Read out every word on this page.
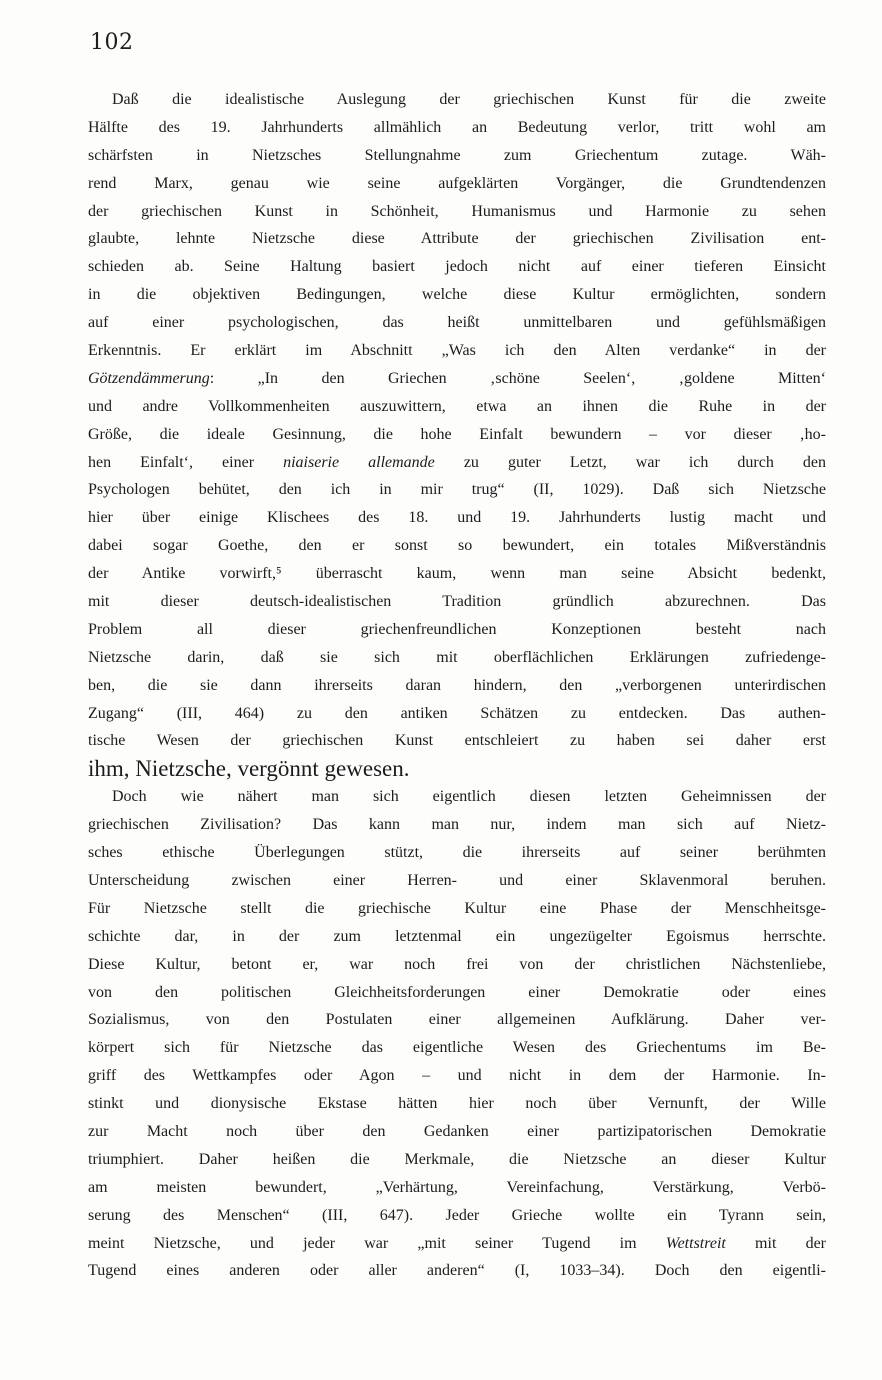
102
Daß die idealistische Auslegung der griechischen Kunst für die zweite
Hälfte des 19. Jahrhunderts allmählich an Bedeutung verlor, tritt wohl am
schärfsten in Nietzsches Stellungnahme zum Griechentum zutage. Wäh-
rend Marx, genau wie seine aufgeklärten Vorgänger, die Grundtendenzen
der griechischen Kunst in Schönheit, Humanismus und Harmonie zu sehen
glaubte, lehnte Nietzsche diese Attribute der griechischen Zivilisation ent-
schieden ab. Seine Haltung basiert jedoch nicht auf einer tieferen Einsicht
in die objektiven Bedingungen, welche diese Kultur ermöglichten, sondern
auf einer psychologischen, das heißt unmittelbaren und gefühlsmäßigen
Erkenntnis. Er erklärt im Abschnitt „Was ich den Alten verdanke“ in der
Götzendämmerung: „In den Griechen ‚schöne Seelen‘, ‚goldene Mitten‘
und andre Vollkommenheiten auszuwittern, etwa an ihnen die Ruhe in der
Größe, die ideale Gesinnung, die hohe Einfalt bewundern – vor dieser ‚ho-
hen Einfalt‘, einer niaiserie allemande zu guter Letzt, war ich durch den
Psychologen behütet, den ich in mir trug“ (II, 1029). Daß sich Nietzsche
hier über einige Klischees des 18. und 19. Jahrhunderts lustig macht und
dabei sogar Goethe, den er sonst so bewundert, ein totales Mißverständnis
der Antike vorwirft,⁵ überrascht kaum, wenn man seine Absicht bedenkt,
mit dieser deutsch-idealistischen Tradition gründlich abzurechnen. Das
Problem all dieser griechenfreundlichen Konzeptionen besteht nach
Nietzsche darin, daß sie sich mit oberflächlichen Erklärungen zufriedenge-
ben, die sie dann ihrerseits daran hindern, den „verborgenen unterirdischen
Zugang“ (III, 464) zu den antiken Schätzen zu entdecken. Das authen-
tische Wesen der griechischen Kunst entschleiert zu haben sei daher erst
ihm, Nietzsche, vergönnt gewesen.
Doch wie nähert man sich eigentlich diesen letzten Geheimnissen der
griechischen Zivilisation? Das kann man nur, indem man sich auf Nietz-
sches ethische Überlegungen stützt, die ihrerseits auf seiner berühmten
Unterscheidung zwischen einer Herren- und einer Sklavenmoral beruhen.
Für Nietzsche stellt die griechische Kultur eine Phase der Menschheitsge-
schichte dar, in der zum letztenmal ein ungezügelter Egoismus herrschte.
Diese Kultur, betont er, war noch frei von der christlichen Nächstenliebe,
von den politischen Gleichheitsforderungen einer Demokratie oder eines
Sozialismus, von den Postulaten einer allgemeinen Aufklärung. Daher ver-
körpert sich für Nietzsche das eigentliche Wesen des Griechentums im Be-
griff des Wettkampfes oder Agon – und nicht in dem der Harmonie. In-
stinkt und dionysische Ekstase hätten hier noch über Vernunft, der Wille
zur Macht noch über den Gedanken einer partizipatorischen Demokratie
triumphiert. Daher heißen die Merkmale, die Nietzsche an dieser Kultur
am meisten bewundert, „Verhärtung, Vereinfachung, Verstärkung, Verbö-
serung des Menschen“ (III, 647). Jeder Grieche wollte ein Tyrann sein,
meint Nietzsche, und jeder war „mit seiner Tugend im Wettstreit mit der
Tugend eines anderen oder aller anderen“ (I, 1033–34). Doch den eigentli-
